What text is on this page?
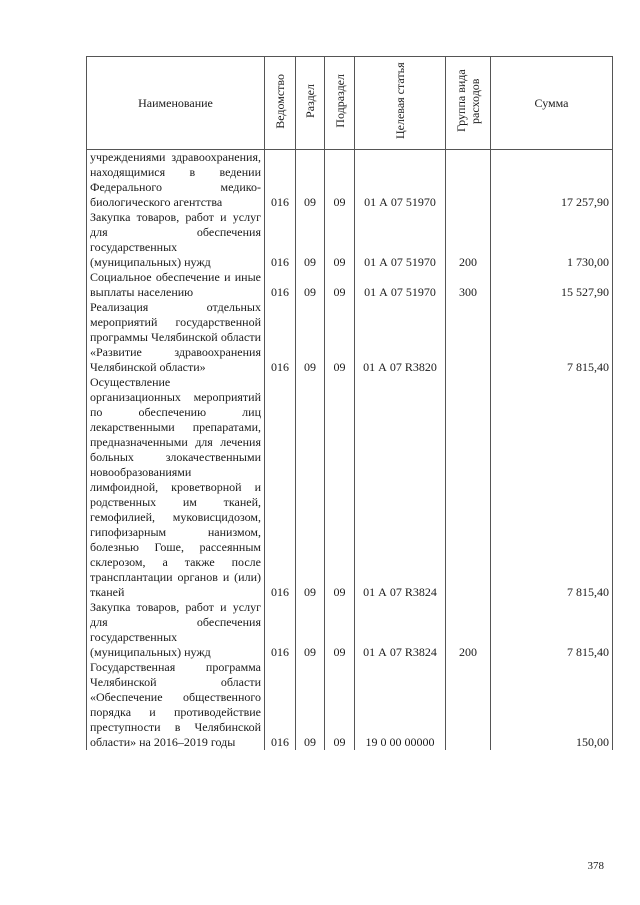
Наименование	Ведомство	Раздел	Подраздел	Целевая статья	Группа вида расходов	Сумма
учреждениями здравоохранения, находящимися в ведении Федерального медико-биологического агентства	016	09	09	01 А 07 51970		17 257,90
Закупка товаров, работ и услуг для обеспечения государственных (муниципальных) нужд	016	09	09	01 А 07 51970	200	1 730,00
Социальное обеспечение и иные выплаты населению	016	09	09	01 А 07 51970	300	15 527,90
Реализация отдельных мероприятий государственной программы Челябинской области «Развитие здравоохранения Челябинской области»	016	09	09	01 А 07 R3820		7 815,40
Осуществление организационных мероприятий по обеспечению лиц лекарственными препаратами, предназначенными для лечения больных злокачественными новообразованиями лимфоидной, кроветворной и родственных им тканей, гемофилией, муковисцидозом, гипофизарным нанизмом, болезнью Гоше, рассеянным склерозом, а также после трансплантации органов и (или) тканей	016	09	09	01 А 07 R3824		7 815,40
Закупка товаров, работ и услуг для обеспечения государственных (муниципальных) нужд	016	09	09	01 А 07 R3824	200	7 815,40
Государственная программа Челябинской области «Обеспечение общественного порядка и противодействие преступности в Челябинской области» на 2016–2019 годы	016	09	09	19 0 00 00000		150,00
378
